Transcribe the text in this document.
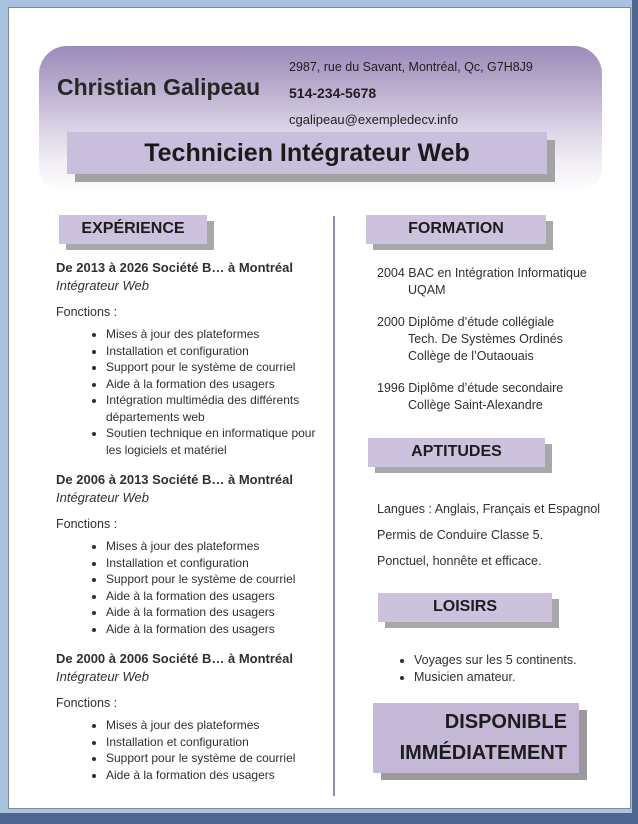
Christian Galipeau
2987, rue du Savant, Montréal, Qc, G7H8J9
514-234-5678
cgalipeau@exempledecv.info
Technicien Intégrateur Web
EXPÉRIENCE
De 2013 à 2026 Société B… à Montréal
Intégrateur Web
Fonctions :
• Mises à jour des plateformes
• Installation et configuration
• Support pour le système de courriel
• Aide à la formation des usagers
• Intégration multimédia des différents départements web
• Soutien technique en informatique pour les logiciels et matériel
De 2006 à 2013 Société B… à Montréal
Intégrateur Web
Fonctions :
• Mises à jour des plateformes
• Installation et configuration
• Support pour le système de courriel
• Aide à la formation des usagers
• Aide à la formation des usagers
• Aide à la formation des usagers
De 2000 à 2006 Société B… à Montréal
Intégrateur Web
Fonctions :
• Mises à jour des plateformes
• Installation et configuration
• Support pour le système de courriel
• Aide à la formation des usagers
FORMATION
2004 BAC en Intégration Informatique
UQAM
2000 Diplôme d’étude collégiale
Tech. De Systèmes Ordinés
Collège de l’Outaouais
1996 Diplôme d’étude secondaire
Collège Saint-Alexandre
APTITUDES
Langues : Anglais, Français et Espagnol
Permis de Conduire Classe 5.
Ponctuel, honnête et efficace.
LOISIRS
• Voyages sur les 5 continents.
• Musicien amateur.
DISPONIBLE
IMMÉDIATEMENT
